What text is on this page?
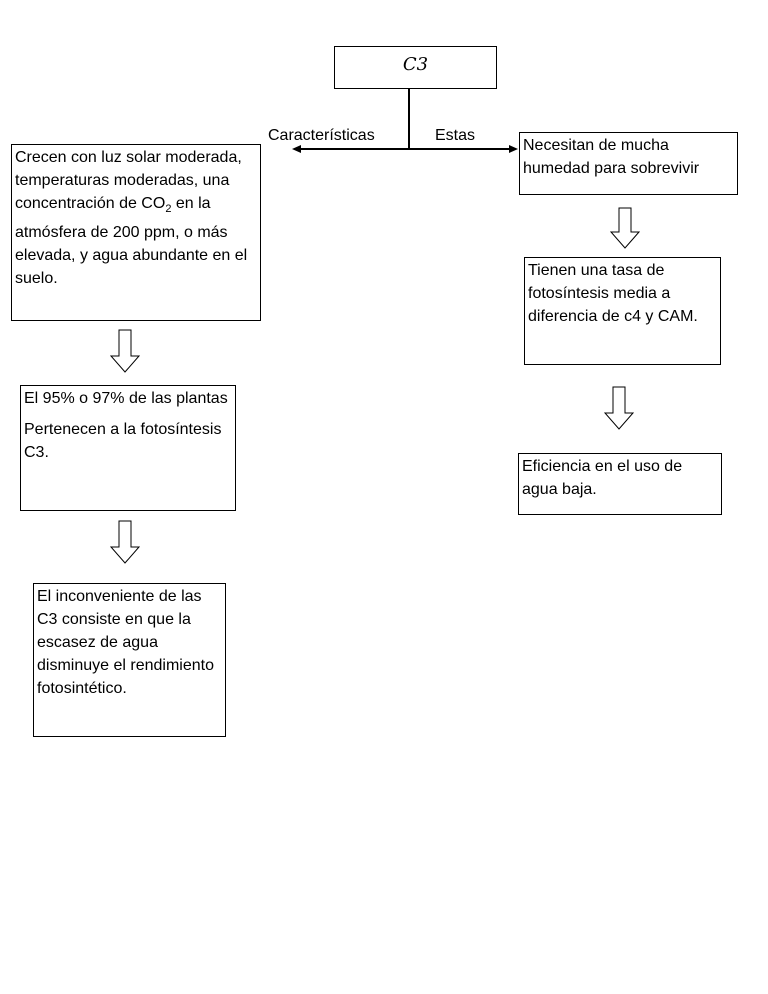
C3
Características	Estas
Crecen con luz solar moderada, temperaturas moderadas, una concentración de $CO_2$ en la atmósfera de 200 ppm, o más elevada, y agua abundante en el suelo.

El 95% o 97% de las plantas

Pertenecen a la fotosíntesis C3.

El inconveniente de las C3 consiste en que la escasez de agua disminuye el rendimiento fotosintético.
Necesitan de mucha humedad para sobrevivir
Tienen una tasa de fotosíntesis media a diferencia de c4 y CAM.
Eficiencia en el uso de agua baja.
